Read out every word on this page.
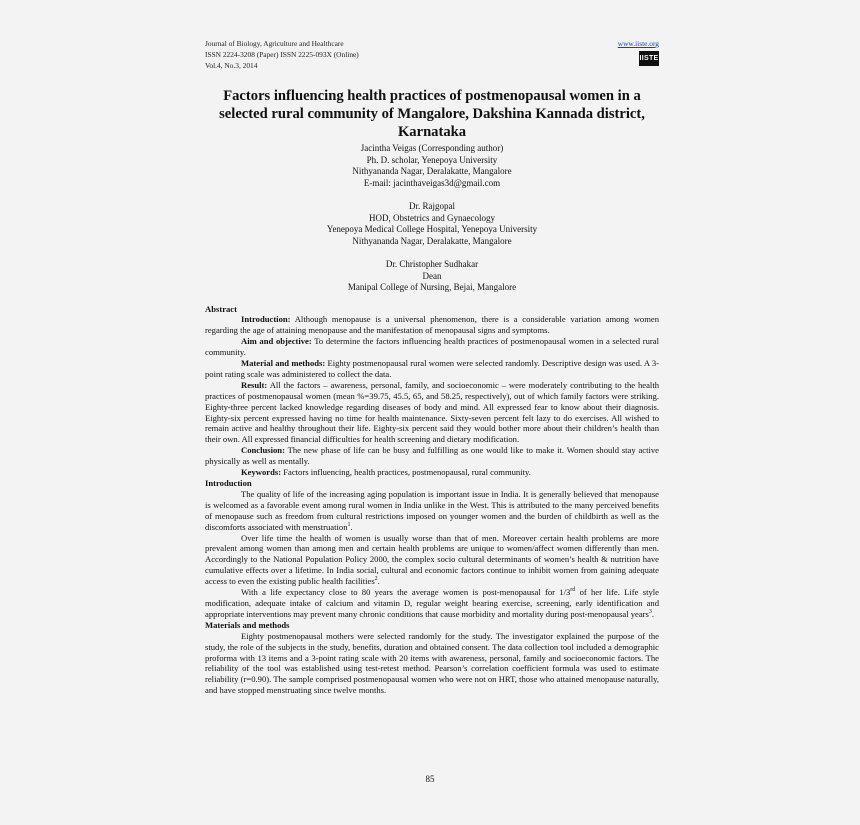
Journal of Biology, Agriculture and Healthcare
ISSN 2224-3208 (Paper) ISSN 2225-093X (Online)
Vol.4, No.3, 2014
www.iiste.org
IISTE
Factors influencing health practices of postmenopausal women in a selected rural community of Mangalore, Dakshina Kannada district, Karnataka
Jacintha Veigas (Corresponding author)
Ph. D. scholar, Yenepoya University
Nithyananda Nagar, Deralakatte, Mangalore
E-mail: jacinthaveigas3d@gmail.com
Dr. Rajgopal
HOD, Obstetrics and Gynaecology
Yenepoya Medical College Hospital, Yenepoya University
Nithyananda Nagar, Deralakatte, Mangalore
Dr. Christopher Sudhakar
Dean
Manipal College of Nursing, Bejai, Mangalore
Abstract

Introduction: Although menopause is a universal phenomenon, there is a considerable variation among women regarding the age of attaining menopause and the manifestation of menopausal signs and symptoms.

Aim and objective: To determine the factors influencing health practices of postmenopausal women in a selected rural community.

Material and methods: Eighty postmenopausal rural women were selected randomly. Descriptive design was used. A 3-point rating scale was administered to collect the data.

Result: All the factors – awareness, personal, family, and socioeconomic – were moderately contributing to the health practices of postmenopausal women (mean %=39.75, 45.5, 65, and 58.25, respectively), out of which family factors were striking. Eighty-three percent lacked knowledge regarding diseases of body and mind. All expressed fear to know about their diagnosis. Eighty-six percent expressed having no time for health maintenance. Sixty-seven percent felt lazy to do exercises. All wished to remain active and healthy throughout their life. Eighty-six percent said they would bother more about their children’s health than their own. All expressed financial difficulties for health screening and dietary modification.

Conclusion: The new phase of life can be busy and fulfilling as one would like to make it. Women should stay active physically as well as mentally.

Keywords: Factors influencing, health practices, postmenopausal, rural community.

Introduction

The quality of life of the increasing aging population is important issue in India. It is generally believed that menopause is welcomed as a favorable event among rural women in India unlike in the West. This is attributed to the many perceived benefits of menopause such as freedom from cultural restrictions imposed on younger women and the burden of childbirth as well as the discomforts associated with menstruation$^1$.

Over life time the health of women is usually worse than that of men. Moreover certain health problems are more prevalent among women than among men and certain health problems are unique to women/affect women differently than men. Accordingly to the National Population Policy 2000, the complex socio cultural determinants of women’s health & nutrition have cumulative effects over a lifetime. In India social, cultural and economic factors continue to inhibit women from gaining adequate access to even the existing public health facilities$^2$.

With a life expectancy close to 80 years the average women is post-menopausal for 1/3rd of her life. Life style modification, adequate intake of calcium and vitamin D, regular weight bearing exercise, screening, early identification and appropriate interventions may prevent many chronic conditions that cause morbidity and mortality during post-menopausal years$^3$.

Materials and methods

Eighty postmenopausal mothers were selected randomly for the study. The investigator explained the purpose of the study, the role of the subjects in the study, benefits, duration and obtained consent. The data collection tool included a demographic proforma with 13 items and a 3-point rating scale with 20 items with awareness, personal, family and socioeconomic factors. The reliability of the tool was established using test-retest method. Pearson’s correlation coefficient formula was used to estimate reliability (r=0.90). The sample comprised postmenopausal women who were not on HRT, those who attained menopause naturally, and have stopped menstruating since twelve months.

85
